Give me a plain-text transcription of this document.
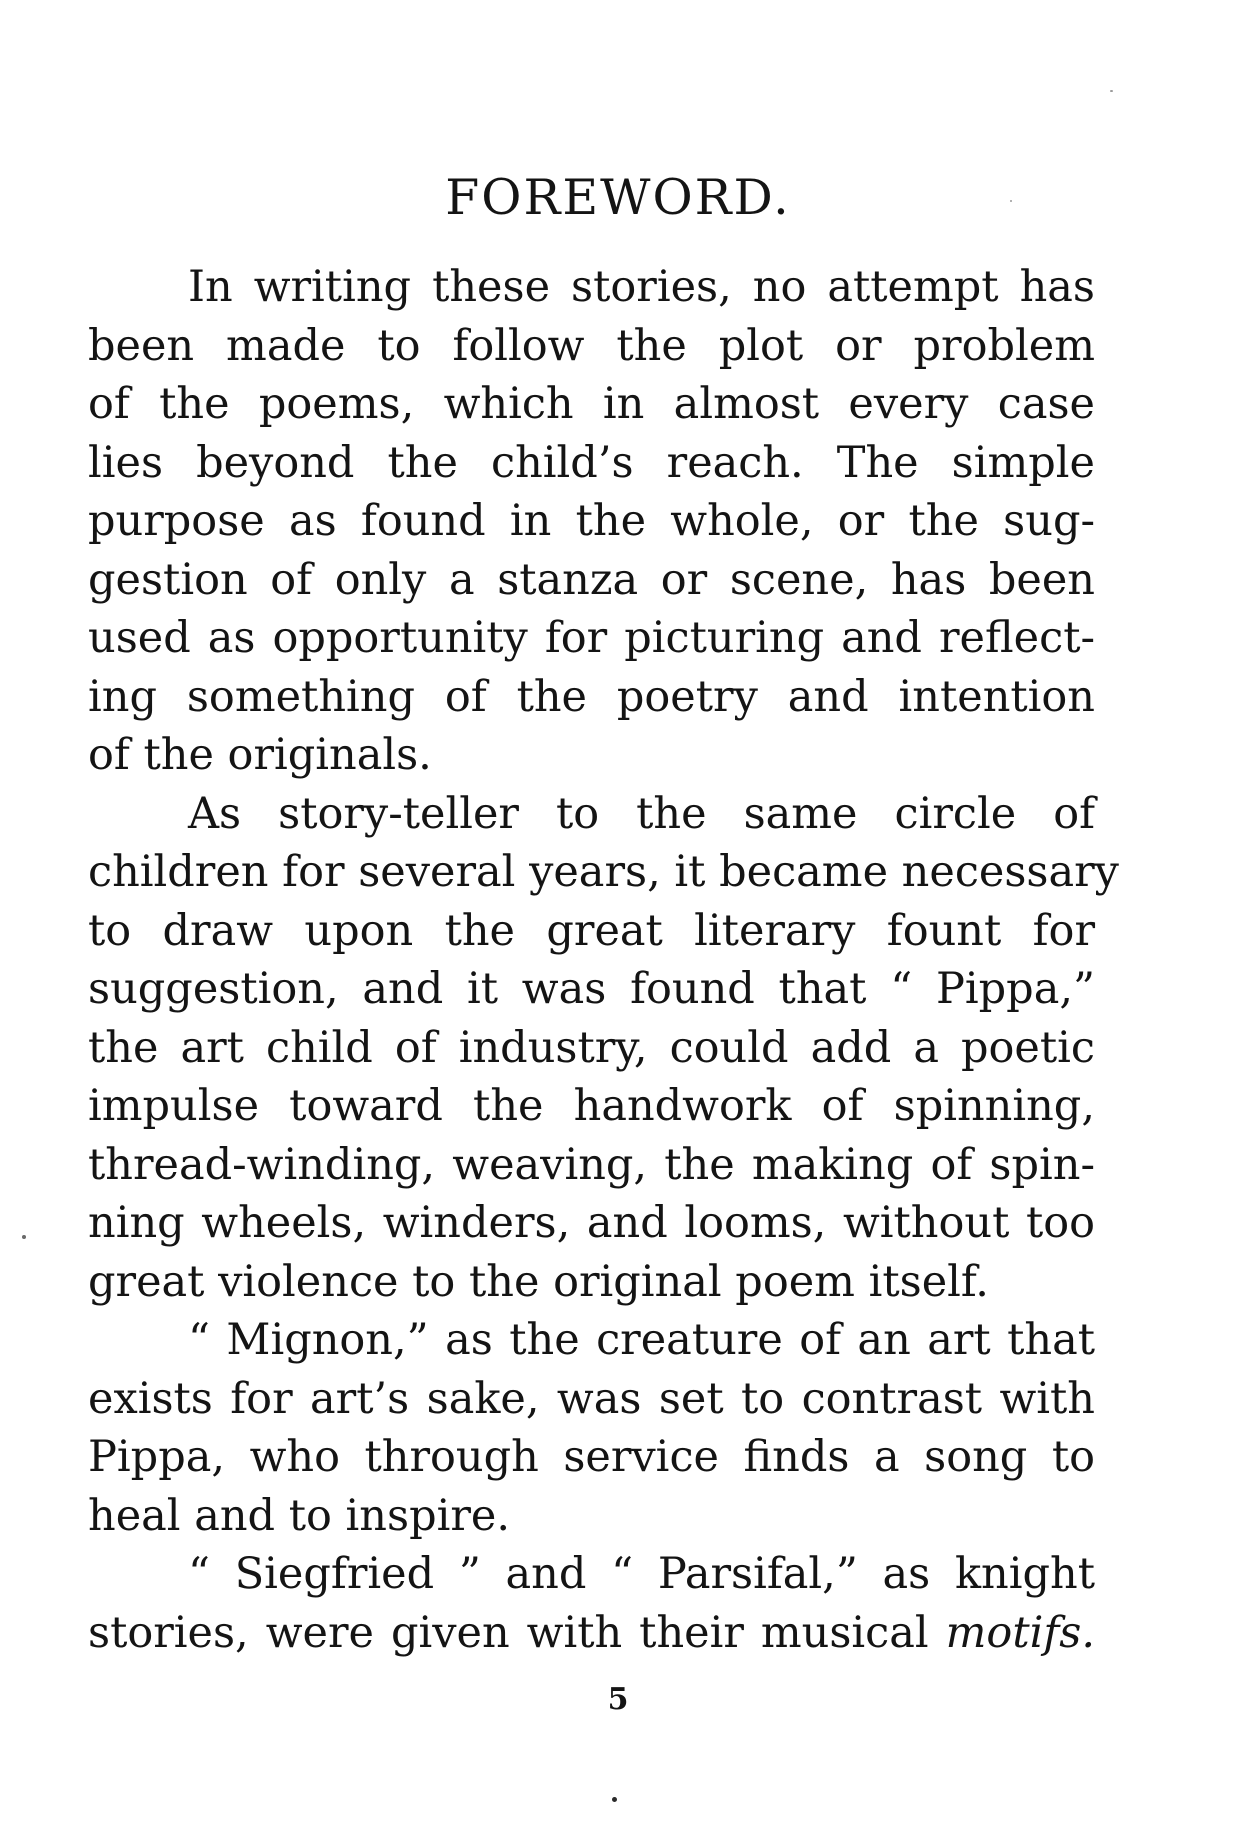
FOREWORD.
In writing these stories, no attempt has
been made to follow the plot or problem
of the poems, which in almost every case
lies beyond the child’s reach. The simple
purpose as found in the whole, or the sug-
gestion of only a stanza or scene, has been
used as opportunity for picturing and reflect-
ing something of the poetry and intention
of the originals.
As story-teller to the same circle of
children for several years, it became necessary
to draw upon the great literary fount for
suggestion, and it was found that “ Pippa,”
the art child of industry, could add a poetic
impulse toward the handwork of spinning,
thread-winding, weaving, the making of spin-
ning wheels, winders, and looms, without too
great violence to the original poem itself.
“ Mignon,” as the creature of an art that
exists for art’s sake, was set to contrast with
Pippa, who through service finds a song to
heal and to inspire.
“ Siegfried ” and “ Parsifal,” as knight
stories, were given with their musical motifs.
5
